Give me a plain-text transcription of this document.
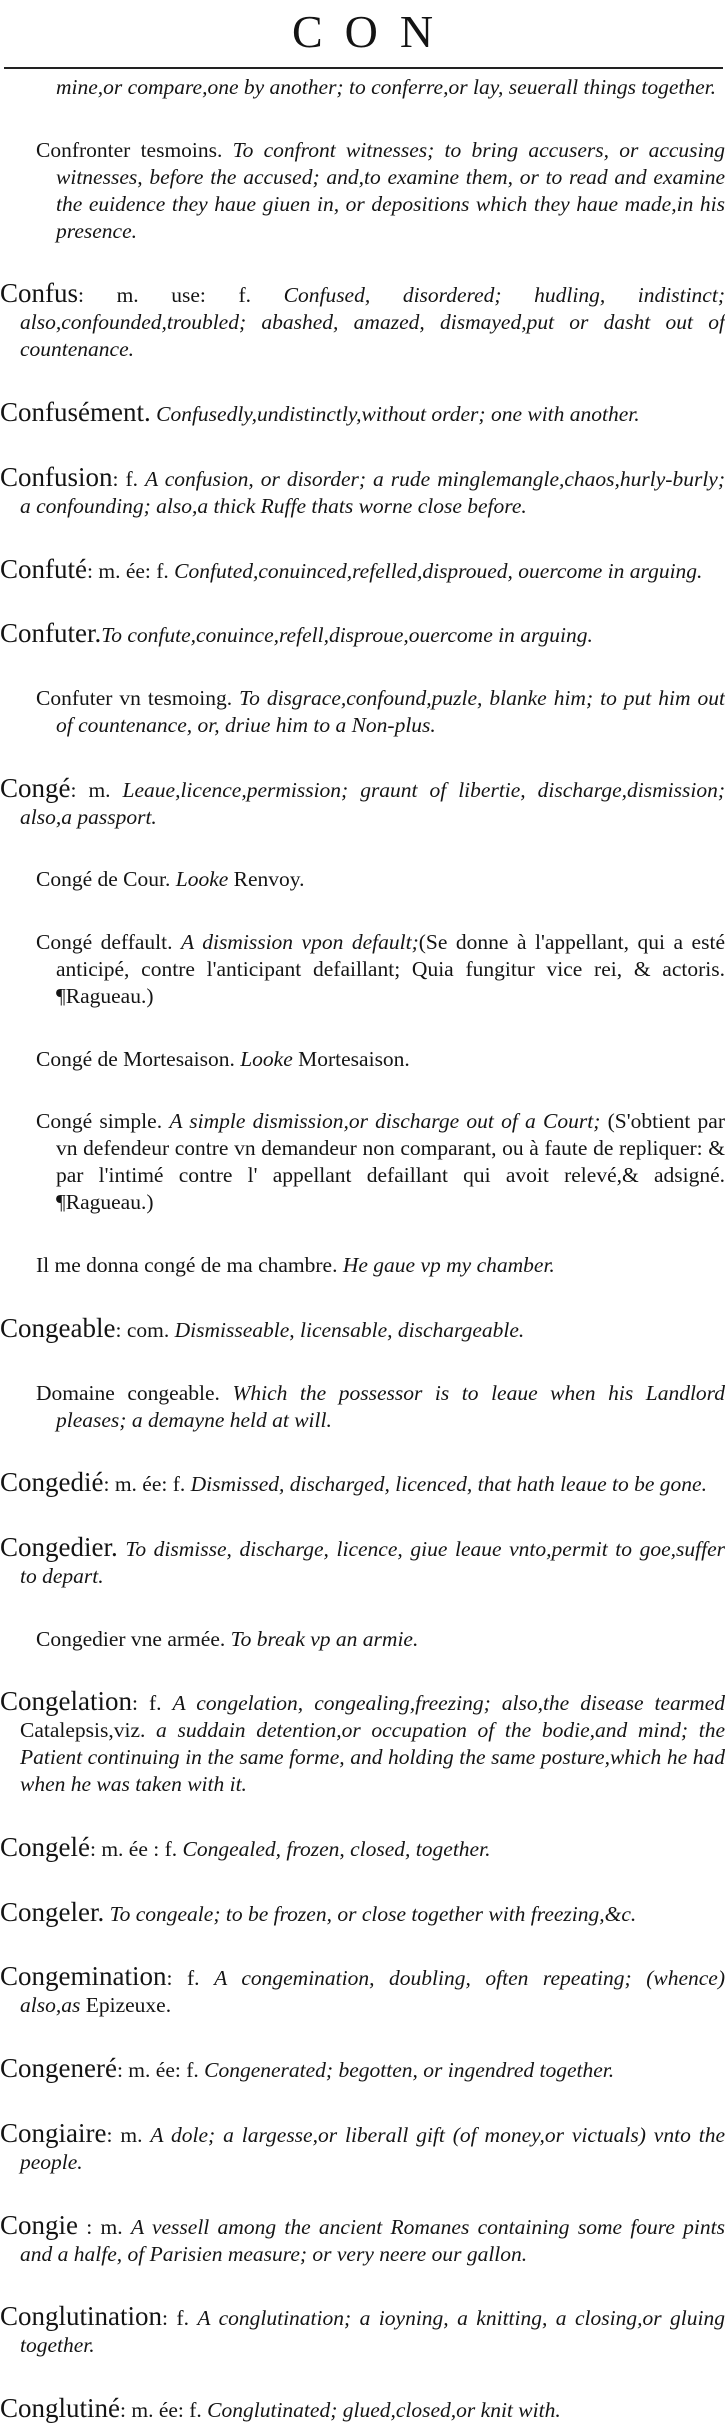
CON
mine,or compare,one by another; to conferre,or lay, seuerall things together.
Confronter tesmoins. To confront witnesses; to bring accusers, or accusing witnesses, before the accused; and,to examine them, or to read and examine the euidence they haue giuen in, or depositions which they haue made,in his presence.
Confus: m. use: f. Confused, disordered; hudling, indistinct; also,confounded,troubled; abashed, amazed, dismayed,put or dasht out of countenance.
Confusément. Confusedly,undistinctly,without order; one with another.
Confusion: f. A confusion, or disorder; a rude minglemangle,chaos,hurly-burly; a confounding; also,a thick Ruffe thats worne close before.
Confuté: m. ée: f. Confuted,conuinced,refelled,disproued, ouercome in arguing.
Confuter.To confute,conuince,refell,disproue,ouercome in arguing.
Confuter vn tesmoing. To disgrace,confound,puzle, blanke him; to put him out of countenance, or, driue him to a Non-plus.
Congé: m. Leaue,licence,permission; graunt of libertie, discharge,dismission; also,a passport.
Congé de Cour. Looke Renvoy.
Congé deffault. A dismission vpon default;(Se donne à l'appellant, qui a esté anticipé, contre l'anticipant defaillant; Quia fungitur vice rei, & actoris. ¶Ragueau.)
Congé de Mortesaison. Looke Mortesaison.
Congé simple. A simple dismission,or discharge out of a Court; (S'obtient par vn defendeur contre vn demandeur non comparant, ou à faute de repliquer: & par l'intimé contre l' appellant defaillant qui avoit relevé,& adsigné. ¶Ragueau.)
Il me donna congé de ma chambre. He gaue vp my chamber.
Congeable: com. Dismisseable, licensable, dischargeable.
Domaine congeable. Which the possessor is to leaue when his Landlord pleases; a demayne held at will.
Congedié: m. ée: f. Dismissed, discharged, licenced, that hath leaue to be gone.
Congedier. To dismisse, discharge, licence, giue leaue vnto,permit to goe,suffer to depart.
Congedier vne armée. To break vp an armie.
Congelation: f. A congelation, congealing,freezing; also,the disease tearmed Catalepsis,viz. a suddain detention,or occupation of the bodie,and mind; the Patient continuing in the same forme, and holding the same posture,which he had when he was taken with it.
Congelé: m. ée : f. Congealed, frozen, closed, together.
Congeler. To congeale; to be frozen, or close together with freezing,&c.
Congemination: f. A congemination, doubling, often repeating; (whence) also,as Epizeuxe.
Congeneré: m. ée: f. Congenerated; begotten, or ingendred together.
Congiaire: m. A dole; a largesse,or liberall gift (of money,or victuals) vnto the people.
Congie : m. A vessell among the ancient Romanes containing some foure pints and a halfe, of Parisien measure; or very neere our gallon.
Conglutination: f. A conglutination; a ioyning, a knitting, a closing,or gluing together.
Conglutiné: m. ée: f. Conglutinated; glued,closed,or knit with.
